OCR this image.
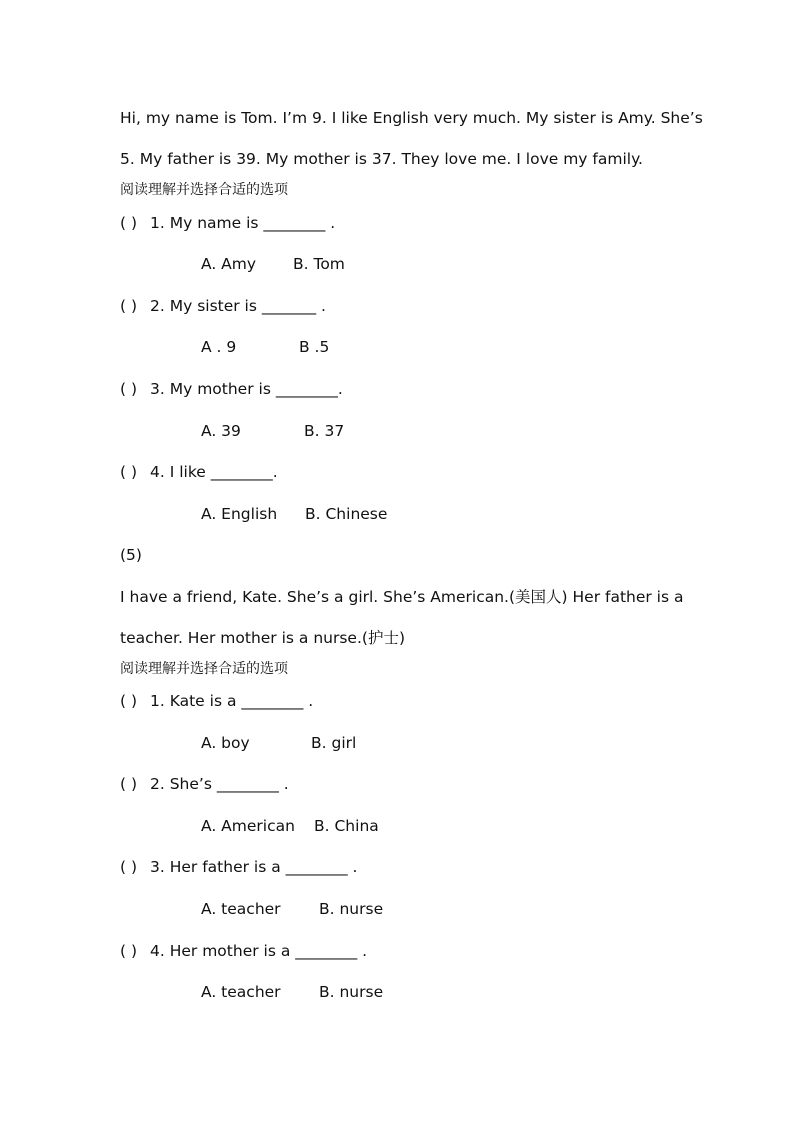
Hi, my name is Tom. I’m 9. I like English very much. My sister is Amy. She’s
5. My father is 39. My mother is 37. They love me. I love my family.
阅读理解并选择合适的选项
( ) 1. My name is ________ .
A. Amy B. Tom
( ) 2. My sister is _______ .
A . 9	B .5
( ) 3. My mother is ________.
A. 39	B. 37
( ) 4. I like ________.
A. English B. Chinese
(5)
I have a friend, Kate. She’s a girl. She’s American.(美国人) Her father is a
teacher. Her mother is a nurse.(护士)
阅读理解并选择合适的选项
( ) 1. Kate is a ________ .
A. boy	B. girl
( ) 2. She’s ________ .
A. American B. China
( ) 3. Her father is a ________ .
A. teacher B. nurse
( ) 4. Her mother is a ________ .
A. teacher B. nurse
